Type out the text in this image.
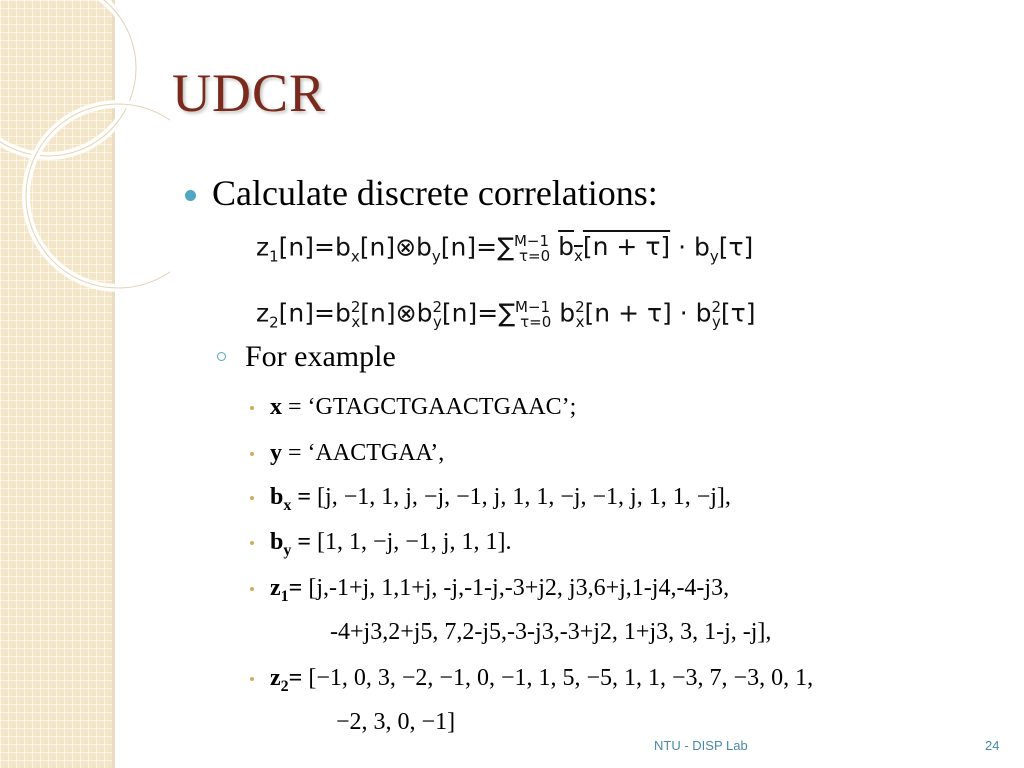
UDCR
Calculate discrete correlations:
$z_1[n]=b_x[n]\otimes b_y[n]=\sum^{M-1}_{\tau=0}$ $b_x[n + \tau] \cdot b_y[\tau]$
$z_2[n]=b^2_x[n]\otimes b^2_y[n]=\sum^{M-1}_{\tau=0}$ $b^2_x[n + \tau] \cdot b^2_y[\tau]$
For example
x = ‘GTAGCTGAACTGAAC’;
y = ‘AACTGAA’,
$b_x = [j$, −1, 1, j, −j, −1, j, 1, 1, −j, −1, j, 1, 1, −j],
$b_y = [1$, 1, −j, −1, j, 1, 1].
$z_1= [j,-1+j$, 1,1+j, -j,-1-j,-3+j2, j3,6+j,1-j4,-4-j3,
-4+j3,2+j5, 7,2-j5,-3-j3,-3+j2, 1+j3, 3, 1-j, -j],
$z_2= [-1$, 0, 3, −2, −1, 0, −1, 1, 5, −5, 1, 1, −3, 7, −3, 0, 1,
−2, 3, 0, −1]
NTU - DISP Lab	24
